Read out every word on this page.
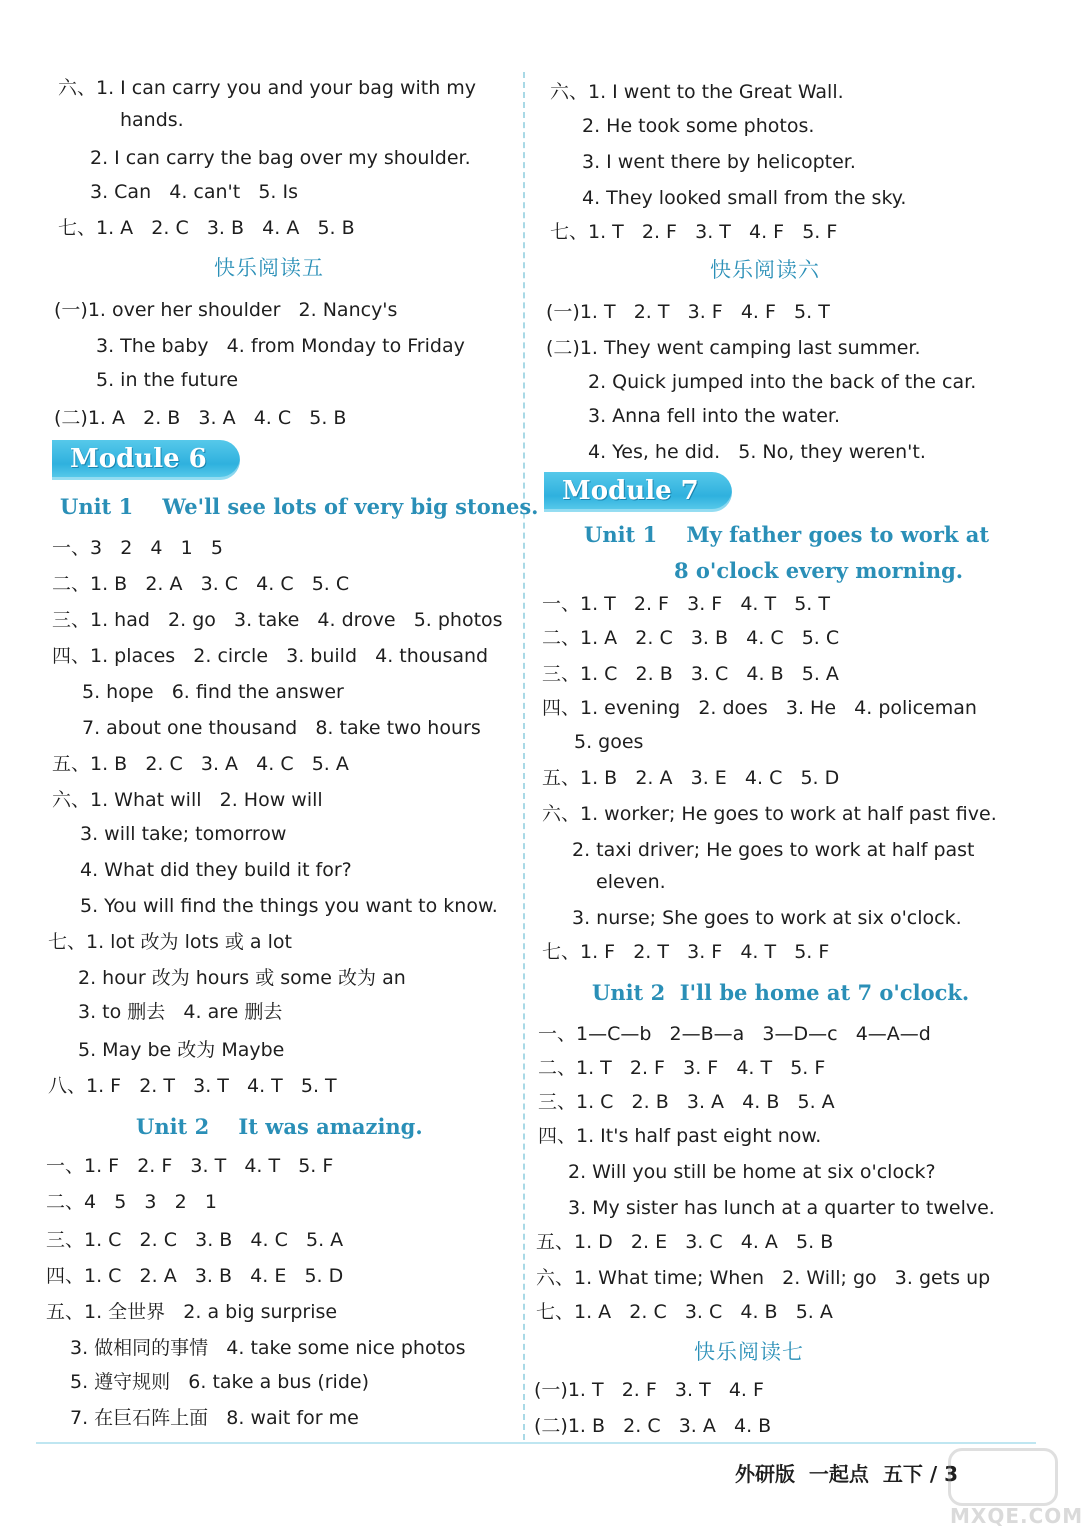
六、1. I can carry you and your bag with my
hands.
2. I can carry the bag over my shoulder.
3. Can   4. can't   5. Is
七、1. A   2. C   3. B   4. A   5. B
快乐阅读五
(一)1. over her shoulder   2. Nancy's
3. The baby   4. from Monday to Friday
5. in the future
(二)1. A   2. B   3. A   4. C   5. B
Module 6
Unit 1    We'll see lots of very big stones.
一、3   2   4   1   5
二、1. B   2. A   3. C   4. C   5. C
三、1. had   2. go   3. take   4. drove   5. photos
四、1. places   2. circle   3. build   4. thousand
5. hope   6. find the answer
7. about one thousand   8. take two hours
五、1. B   2. C   3. A   4. C   5. A
六、1. What will   2. How will
3. will take; tomorrow
4. What did they build it for?
5. You will find the things you want to know.
七、1. lot 改为 lots 或 a lot
2. hour 改为 hours 或 some 改为 an
3. to 删去   4. are 删去
5. May be 改为 Maybe
八、1. F   2. T   3. T   4. T   5. T
Unit 2    It was amazing.
一、1. F   2. F   3. T   4. T   5. F
二、4   5   3   2   1
三、1. C   2. C   3. B   4. C   5. A
四、1. C   2. A   3. B   4. E   5. D
五、1. 全世界   2. a big surprise
3. 做相同的事情   4. take some nice photos
5. 遵守规则   6. take a bus (ride)
7. 在巨石阵上面   8. wait for me
六、1. I went to the Great Wall.
2. He took some photos.
3. I went there by helicopter.
4. They looked small from the sky.
七、1. T   2. F   3. T   4. F   5. F
快乐阅读六
(一)1. T   2. T   3. F   4. F   5. T
(二)1. They went camping last summer.
2. Quick jumped into the back of the car.
3. Anna fell into the water.
4. Yes, he did.   5. No, they weren't.
Module 7
Unit 1    My father goes to work at
8 o'clock every morning.
一、1. T   2. F   3. F   4. T   5. T
二、1. A   2. C   3. B   4. C   5. C
三、1. C   2. B   3. C   4. B   5. A
四、1. evening   2. does   3. He   4. policeman
5. goes
五、1. B   2. A   3. E   4. C   5. D
六、1. worker; He goes to work at half past five.
2. taxi driver; He goes to work at half past
eleven.
3. nurse; She goes to work at six o'clock.
七、1. F   2. T   3. F   4. T   5. F
Unit 2  I'll be home at 7 o'clock.
一、1—C—b   2—B—a   3—D—c   4—A—d
二、1. T   2. F   3. F   4. T   5. F
三、1. C   2. B   3. A   4. B   5. A
四、1. It's half past eight now.
2. Will you still be home at six o'clock?
3. My sister has lunch at a quarter to twelve.
五、1. D   2. E   3. C   4. A   5. B
六、1. What time; When   2. Will; go   3. gets up
七、1. A   2. C   3. C   4. B   5. A
快乐阅读七
(一)1. T   2. F   3. T   4. F
(二)1. B   2. C   3. A   4. B
外研版  一起点  五下 / 3
MXQE.COM
